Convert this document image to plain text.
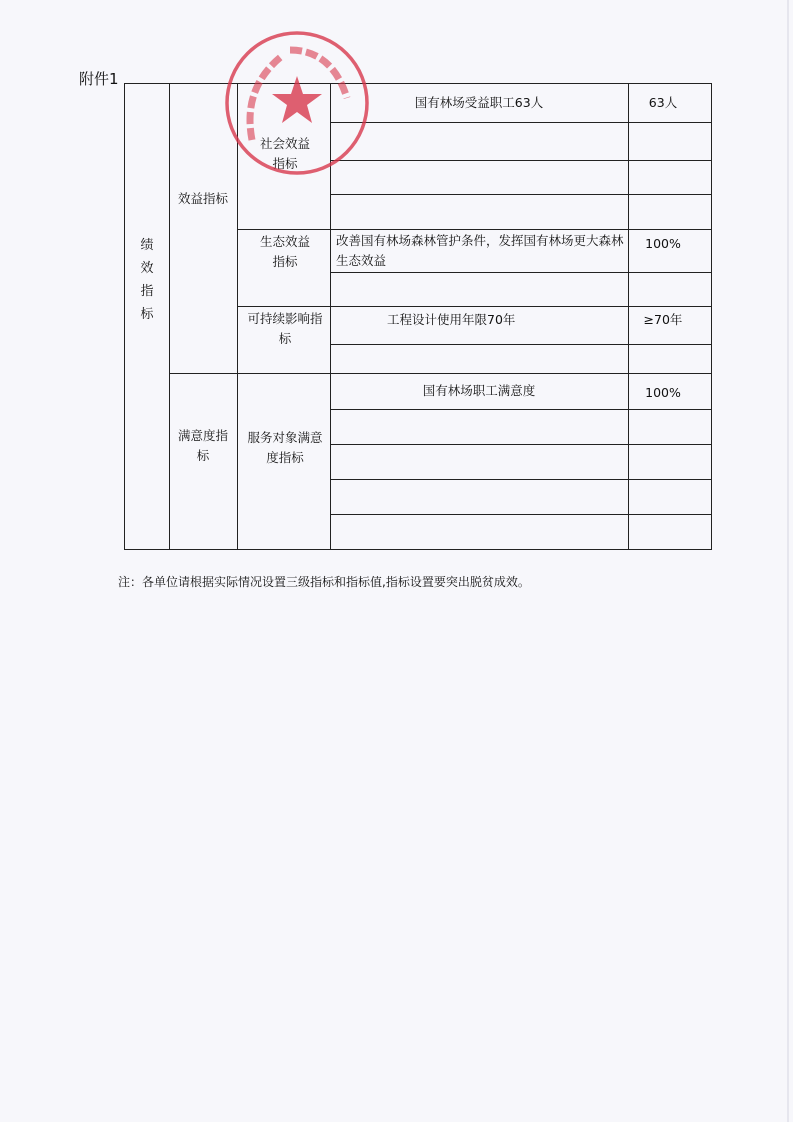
附件1
绩效指标
效益指标
满意度指标
社会效益指标
生态效益指标
可持续影响指标
服务对象满意度指标
国有林场受益职工63人
改善国有林场森林管护条件，发挥国有林场更大森林生态效益
工程设计使用年限70年
国有林场职工满意度
63人
100%
≥70年
100%
注：各单位请根据实际情况设置三级指标和指标值,指标设置要突出脱贫成效。
